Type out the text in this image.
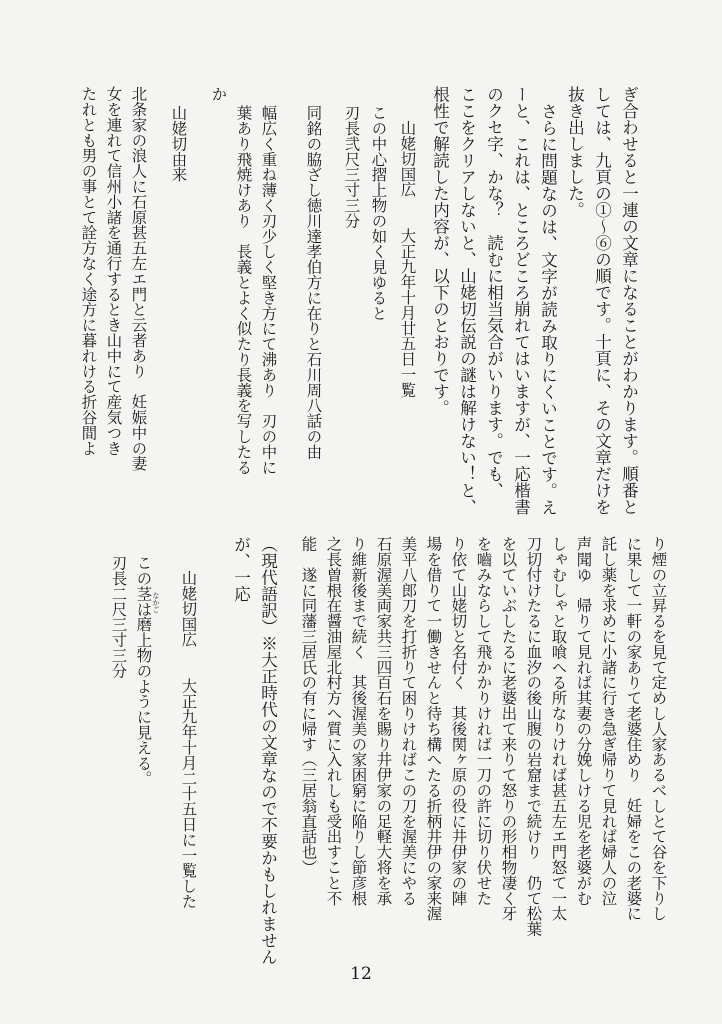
ぎ合わせると一連の文章になることがわかります。順番と
しては、九頁の①～⑥の順です。十頁に、その文章だけを
抜き出しました。
さらに問題なのは、文字が読み取りにくいことです。え
ーと、これは、ところどころ崩れてはいますが、一応楷書
のクセ字、かな？　読むに相当気合がいります。でも、
ここをクリアしないと、山姥切伝説の謎は解けない！と、
根性で解読した内容が、以下のとおりです。
山姥切国広　　大正九年十月廿五日一覧
この中心摺上物の如く見ゆると
刃長弐尺三寸三分
同銘の脇ざし徳川達孝伯方に在りと石川周八話の由
幅広く重ね薄く刃少しく堅き方にて沸あり　刃の中に
葉あり飛焼けあり　長義とよく似たり長義を写したる
か
山姥切由来
北条家の浪人に石原甚五左エ門と云者あり　妊娠中の妻
女を連れて信州小諸を通行するとき山中にて産気つき
たれとも男の事とて詮方なく途方に暮れける折谷間よ
り煙の立昇るを見て定めし人家あるべしとて谷を下りし
に果して一軒の家ありて老婆住めり　妊婦をこの老婆に
託し薬を求めに小諸に行き急ぎ帰りて見れば婦人の泣
声聞ゆ　帰りて見れば其妻の分娩しける児を老婆がむ
しゃむしゃと取喰へる所なりければ甚五左エ門怒て一太
刀切付けたるに血汐の後山腹の岩窟まで続けり　仍て松葉
を以ていぶしたるに老婆出て来りて怒りの形相物凄く牙
を嚙みならして飛かかりければ一刀の許に切り伏せた
り依て山姥切と名付く　其後関ヶ原の役に井伊家の陣
場を借りて一働きせんと待ち構へたる折柄井伊の家来渥
美平八郎刀を打折りて困りければこの刀を渥美にやる
石原渥美両家共三四百石を賜り井伊家の足軽大将を承
り維新後まで続く　其後渥美の家困窮に陥りし節彦根
之長曽根在醤油屋北村方へ質に入れしも受出すこと不
能　遂に同藩三居氏の有に帰す（三居翁直話也）
（現代語訳）※大正時代の文章なので不要かもしれません
が、一応
山姥切国広　　大正九年十月二十五日に一覧した
この茎は磨上物のように見える。 なかご
刃長二尺三寸三分
12
